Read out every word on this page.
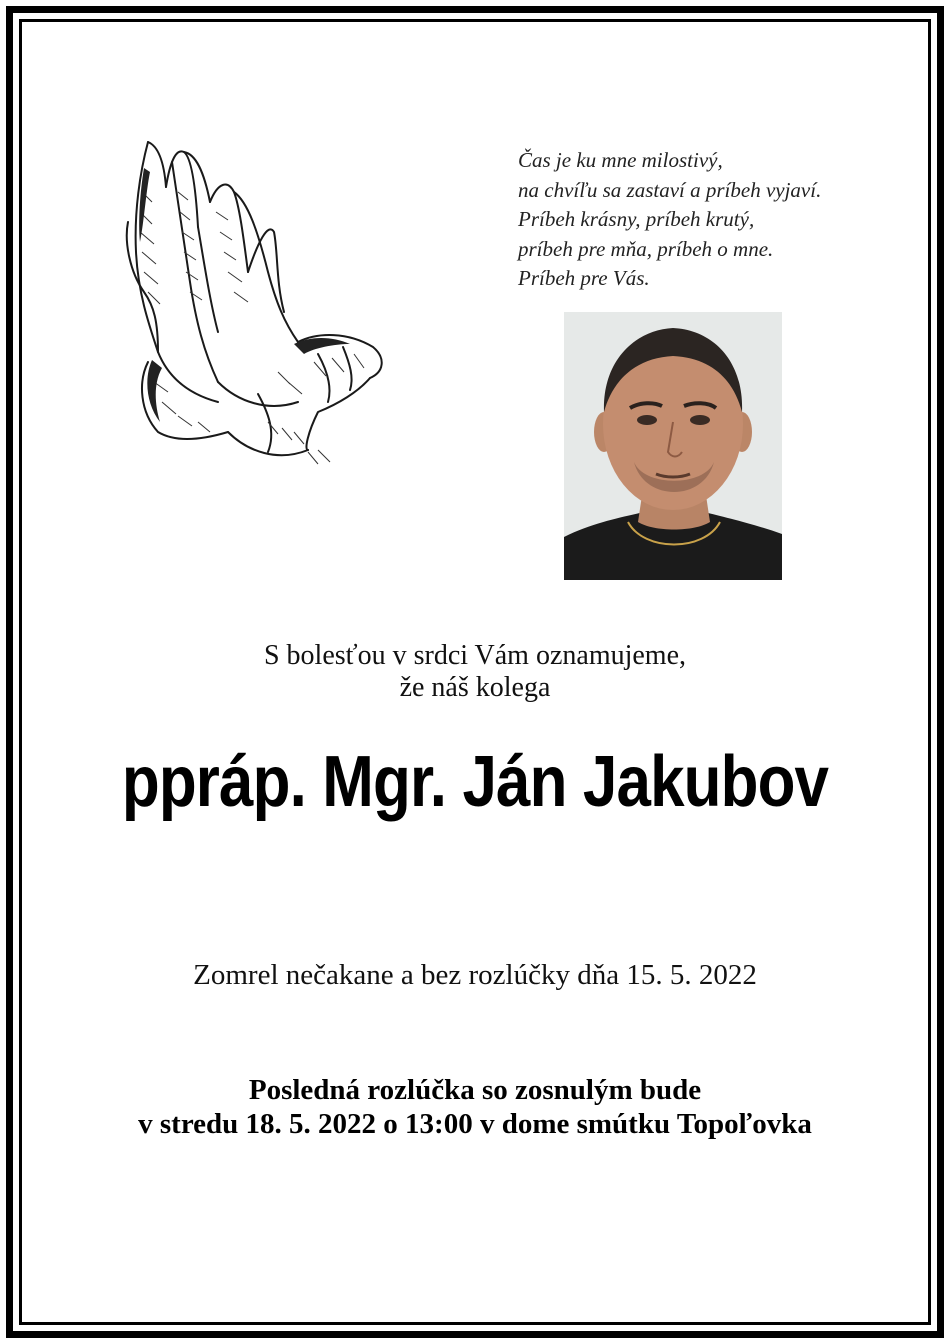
Čas je ku mne milostivý,
na chvíľu sa zastaví a príbeh vyjaví.
Príbeh krásny, príbeh krutý,
príbeh pre mňa, príbeh o mne.
Príbeh pre Vás.
S bolesťou v srdci Vám oznamujeme,
že náš kolega
ppráp. Mgr. Ján Jakubov
Zomrel nečakane a bez rozlúčky dňa 15. 5. 2022
Posledná rozlúčka so zosnulým bude
v stredu 18. 5. 2022 o 13:00 v dome smútku Topoľovka
